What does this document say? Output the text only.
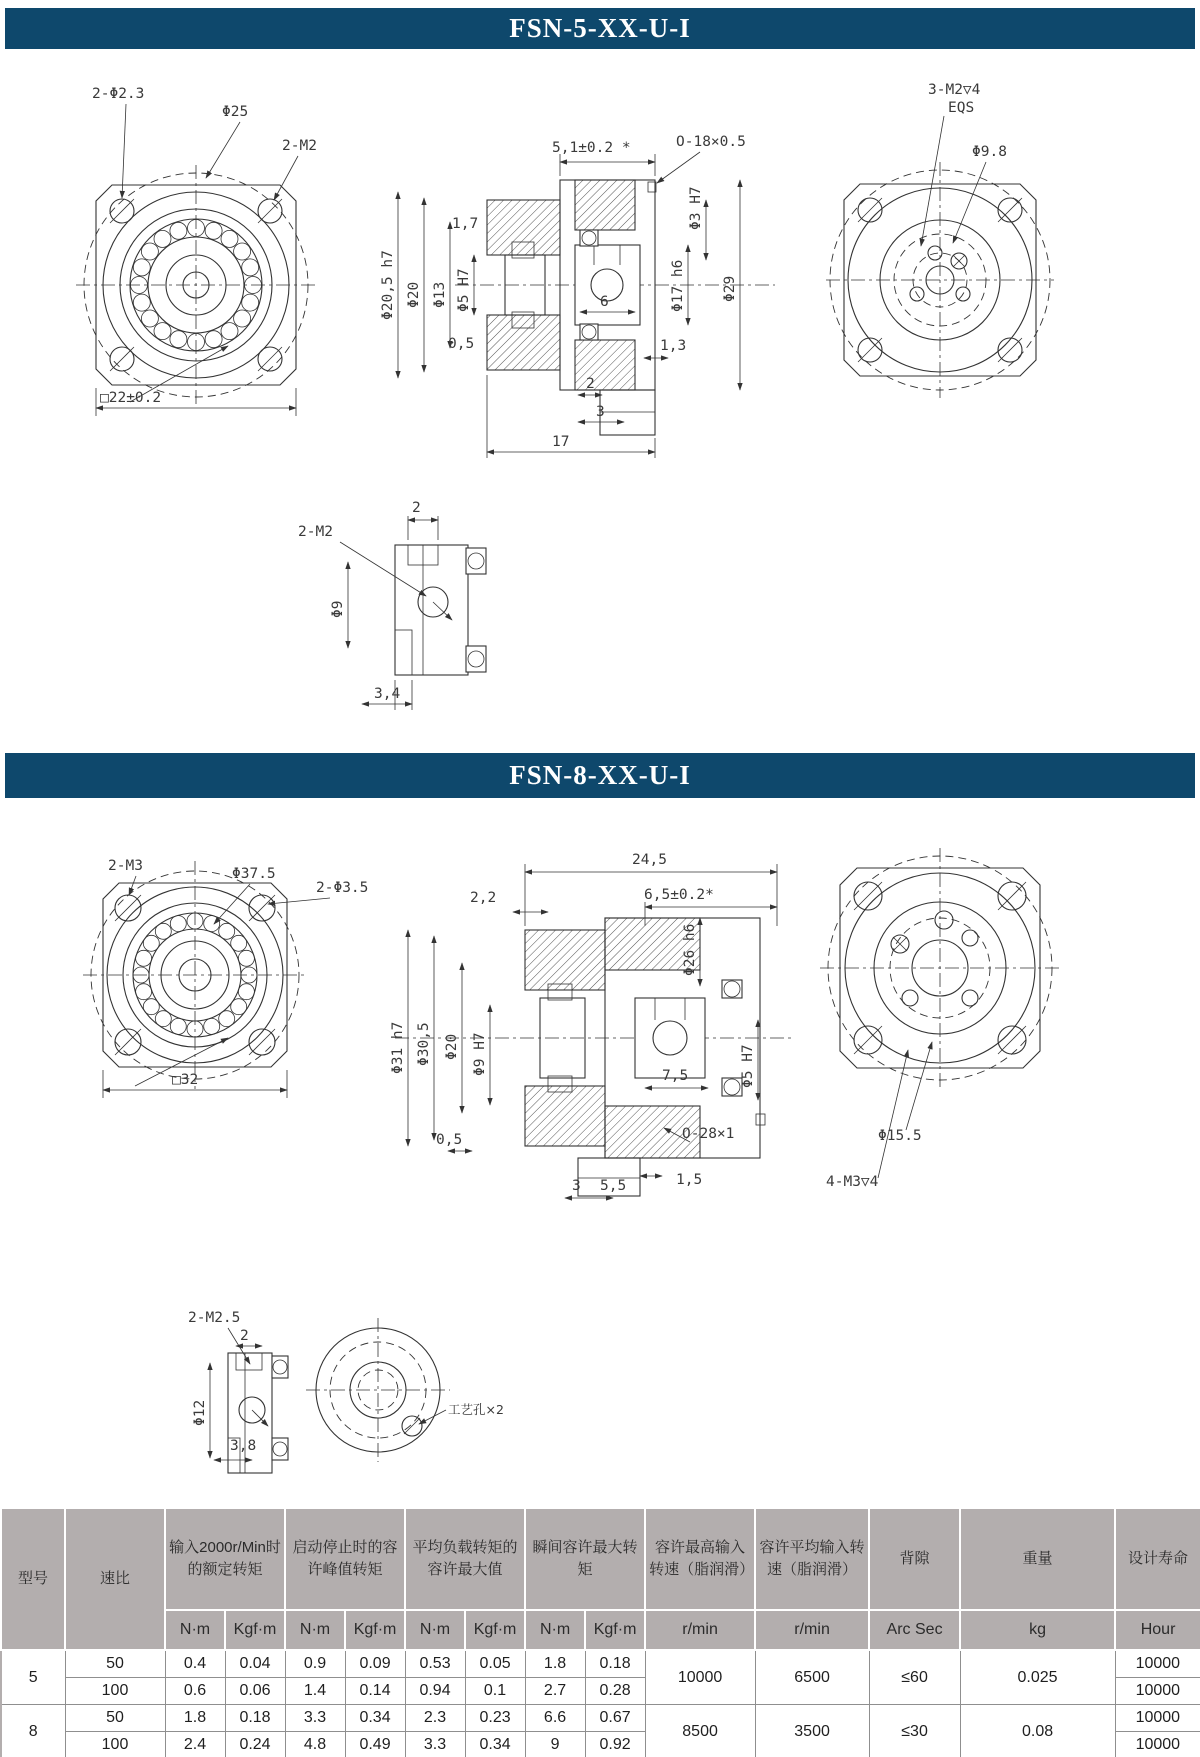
FSN-5-XX-U-I
2-Φ2.3
Φ25
2-M2
□22±0.2
5,1±0.2 *	O-18×0.5
Φ20,5 h7 Φ20 Φ13 Φ5 H7
1,7
0,5
Φ3 H7
Φ17 h6 Φ29
6
1,3
2
3
17
3-M2▽4
EQS
Φ9.8
2
2-M2
Φ9
3,4
FSN-8-XX-U-I
2-M3	Φ37.5
2-Φ3.5
□32
24,5
2,2	6,5±0.2*
Φ31 h7 Φ30,5 Φ20 Φ9 H7	7,5	Φ5 H7
Φ26 h6
0,5	O-28×1
3 5,5	1,5
Φ15.5
4-M3▽4
2-M2.5
2
Φ12
3,8
工艺孔×2
型号	速比	输入2000r/Min时的额定转矩		启动停止时的容许峰值转矩		平均负载转矩的容许最大值		瞬间容许最大转矩		容许最高输入转速（脂润滑）	容许平均输入转速（脂润滑）	背隙	重量	设计寿命
		N·m	Kgf·m	N·m	Kgf·m	N·m	Kgf·m	N·m	Kgf·m	r/min	r/min	Arc Sec	kg	Hour
5	50	0.4	0.04	0.9	0.09	0.53	0.05	1.8	0.18	10000	6500	≤60	0.025	10000
	100	0.6	0.06	1.4	0.14	0.94	0.1	2.7	0.28					10000
8	50	1.8	0.18	3.3	0.34	2.3	0.23	6.6	0.67	8500	3500	≤30	0.08	10000
	100	2.4	0.24	4.8	0.49	3.3	0.34	9	0.92					10000
